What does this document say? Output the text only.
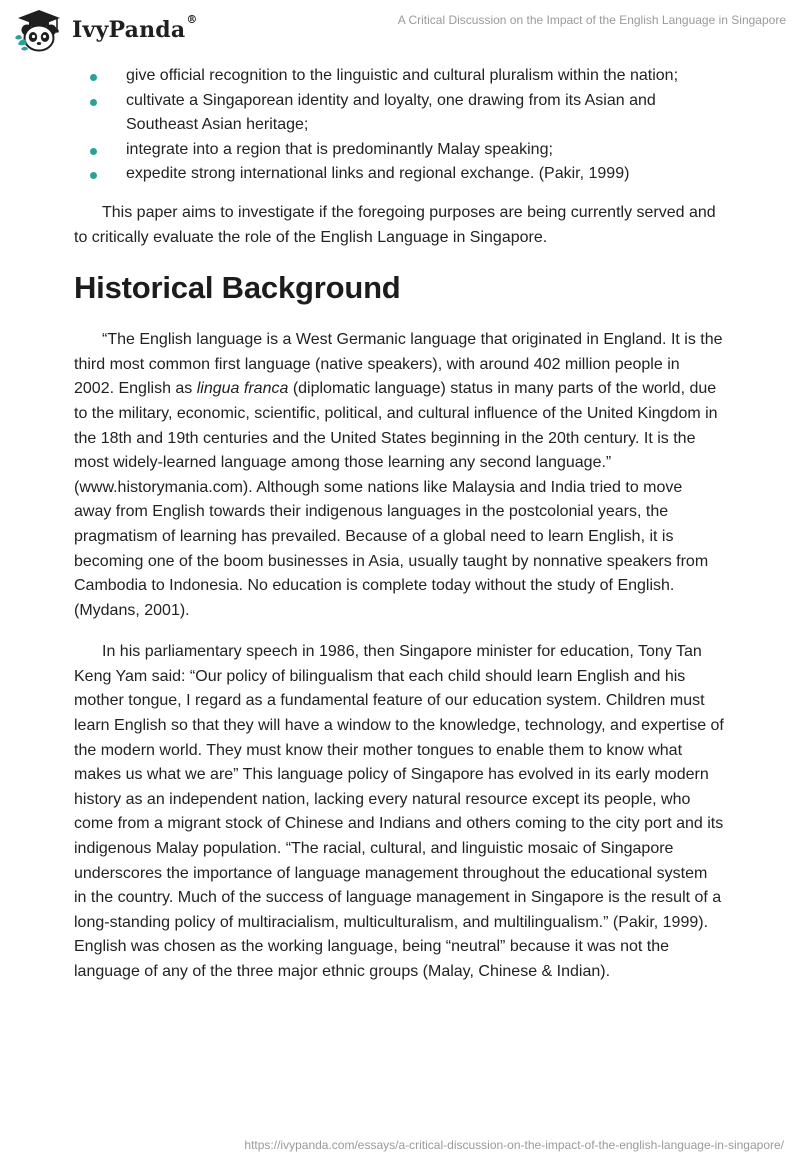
IvyPanda®	A Critical Discussion on the Impact of the English Language in Singapore
give official recognition to the linguistic and cultural pluralism within the nation;
cultivate a Singaporean identity and loyalty, one drawing from its Asian and Southeast Asian heritage;
integrate into a region that is predominantly Malay speaking;
expedite strong international links and regional exchange. (Pakir, 1999)

This paper aims to investigate if the foregoing purposes are being currently served and to critically evaluate the role of the English Language in Singapore.

Historical Background

“The English language is a West Germanic language that originated in England. It is the third most common first language (native speakers), with around 402 million people in 2002. English as lingua franca (diplomatic language) status in many parts of the world, due to the military, economic, scientific, political, and cultural influence of the United Kingdom in the 18th and 19th centuries and the United States beginning in the 20th century. It is the most widely-learned language among those learning any second language.” (www.historymania.com). Although some nations like Malaysia and India tried to move away from English towards their indigenous languages in the postcolonial years, the pragmatism of learning has prevailed. Because of a global need to learn English, it is becoming one of the boom businesses in Asia, usually taught by nonnative speakers from Cambodia to Indonesia. No education is complete today without the study of English. (Mydans, 2001).

In his parliamentary speech in 1986, then Singapore minister for education, Tony Tan Keng Yam said: “Our policy of bilingualism that each child should learn English and his mother tongue, I regard as a fundamental feature of our education system. Children must learn English so that they will have a window to the knowledge, technology, and expertise of the modern world. They must know their mother tongues to enable them to know what makes us what we are” This language policy of Singapore has evolved in its early modern history as an independent nation, lacking every natural resource except its people, who come from a migrant stock of Chinese and Indians and others coming to the city port and its indigenous Malay population. “The racial, cultural, and linguistic mosaic of Singapore underscores the importance of language management throughout the educational system in the country. Much of the success of language management in Singapore is the result of a long-standing policy of multiracialism, multiculturalism, and multilingualism.” (Pakir, 1999). English was chosen as the working language, being “neutral” because it was not the language of any of the three major ethnic groups (Malay, Chinese & Indian).

https://ivypanda.com/essays/a-critical-discussion-on-the-impact-of-the-english-language-in-singapore/
